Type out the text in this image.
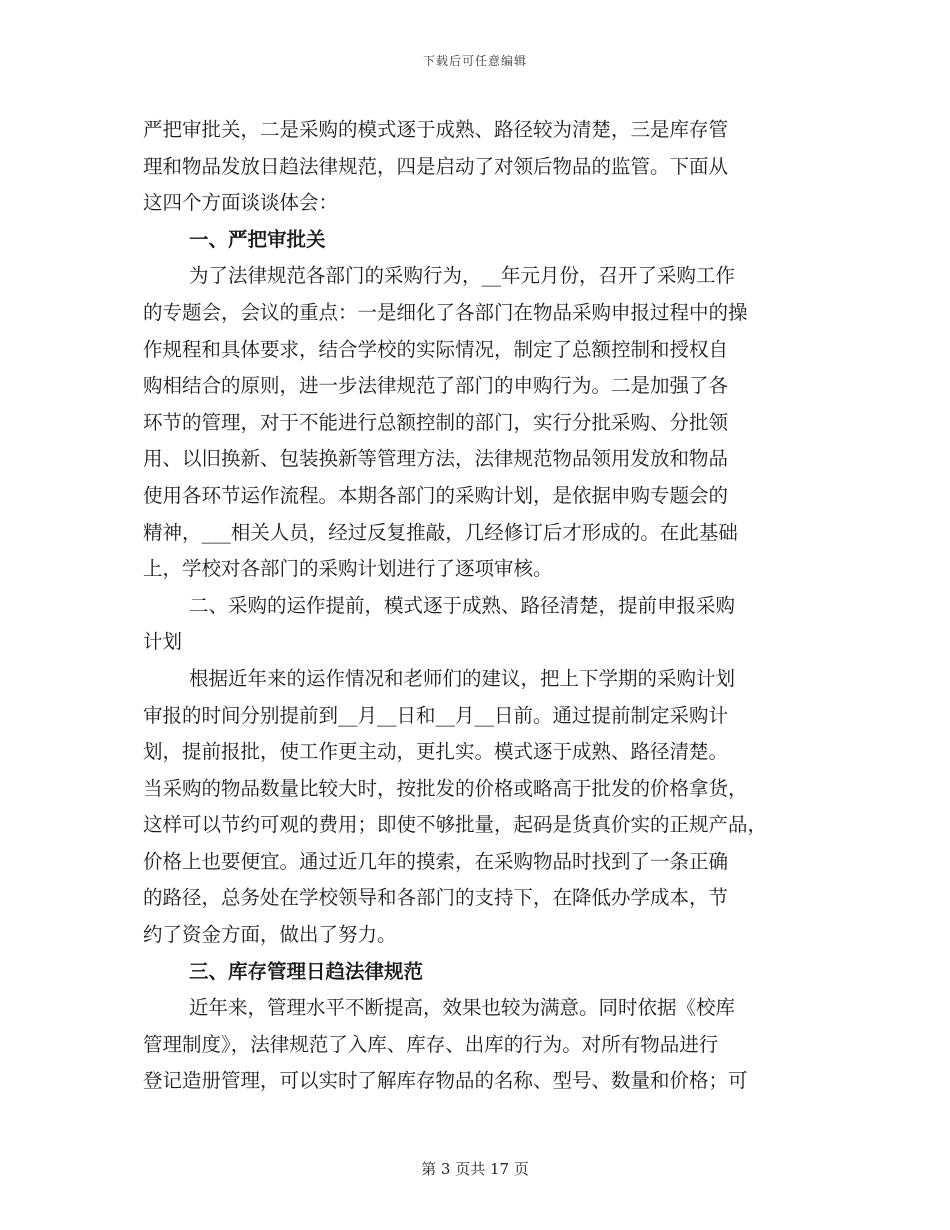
下载后可任意编辑
严把审批关，二是采购的模式逐于成熟、路径较为清楚，三是库存管
理和物品发放日趋法律规范，四是启动了对领后物品的监管。下面从
这四个方面谈谈体会：
一、严把审批关
为了法律规范各部门的采购行为，__年元月份，召开了采购工作
的专题会，会议的重点：一是细化了各部门在物品采购申报过程中的操
作规程和具体要求，结合学校的实际情况，制定了总额控制和授权自
购相结合的原则，进一步法律规范了部门的申购行为。二是加强了各
环节的管理，对于不能进行总额控制的部门，实行分批采购、分批领
用、以旧换新、包装换新等管理方法，法律规范物品领用发放和物品
使用各环节运作流程。本期各部门的采购计划，是依据申购专题会的
精神，___相关人员，经过反复推敲，几经修订后才形成的。在此基础
上，学校对各部门的采购计划进行了逐项审核。
二、采购的运作提前，模式逐于成熟、路径清楚，提前申报采购
计划
根据近年来的运作情况和老师们的建议，把上下学期的采购计划
审报的时间分别提前到__月__日和__月__日前。通过提前制定采购计
划，提前报批，使工作更主动，更扎实。模式逐于成熟、路径清楚。
当采购的物品数量比较大时，按批发的价格或略高于批发的价格拿货，
这样可以节约可观的费用；即使不够批量，起码是货真价实的正规产品，
价格上也要便宜。通过近几年的摸索，在采购物品时找到了一条正确
的路径，总务处在学校领导和各部门的支持下，在降低办学成本，节
约了资金方面，做出了努力。
三、库存管理日趋法律规范
近年来，管理水平不断提高，效果也较为满意。同时依据《校库
管理制度》，法律规范了入库、库存、出库的行为。对所有物品进行
登记造册管理，可以实时了解库存物品的名称、型号、数量和价格；可
第 3 页共 17 页
